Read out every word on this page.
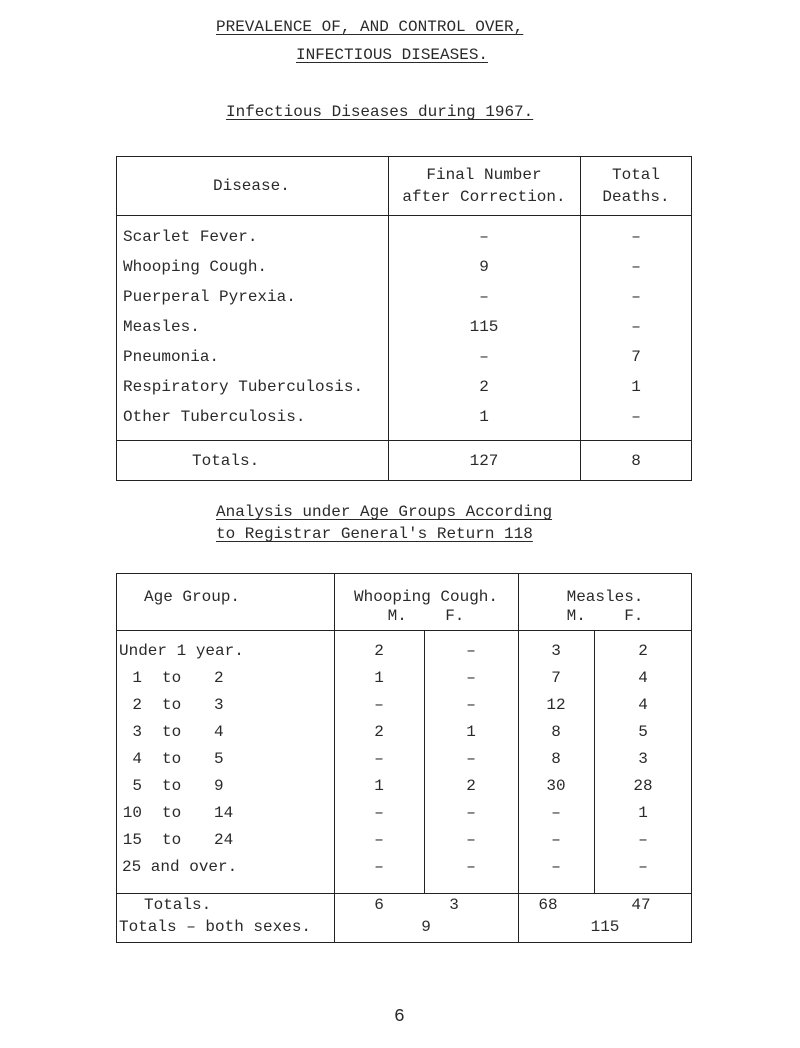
PREVALENCE OF, AND CONTROL OVER,
INFECTIOUS DISEASES.
Infectious Diseases during 1967.
Disease.
Final Number
after Correction.
Total
Deaths.
Scarlet Fever.	–	–
Whooping Cough.	9	–
Puerperal Pyrexia.	–	–
Measles.	115	–
Pneumonia.	–	7
Respiratory Tuberculosis.	2	1
Other Tuberculosis.	1	–
Totals.	127	8
Analysis under Age Groups According
to Registrar General's Return 118
Age Group.	Whooping Cough.
M.    F.
Measles.
M.    F.
Under 1 year.	2	–	3	2
1 to 2	1	–	7	4
2 to 3	–	–	12	4
3 to 4	2	1	8	5
4 to 5	–	–	8	3
5 to 9	1	2	30	28
10 to 14	–	–	–	1
15 to 24	–	–	–	–
25 and over.	–	–	–	–
Totals.	6	3	68	47
Totals – both sexes.	9	115
6
